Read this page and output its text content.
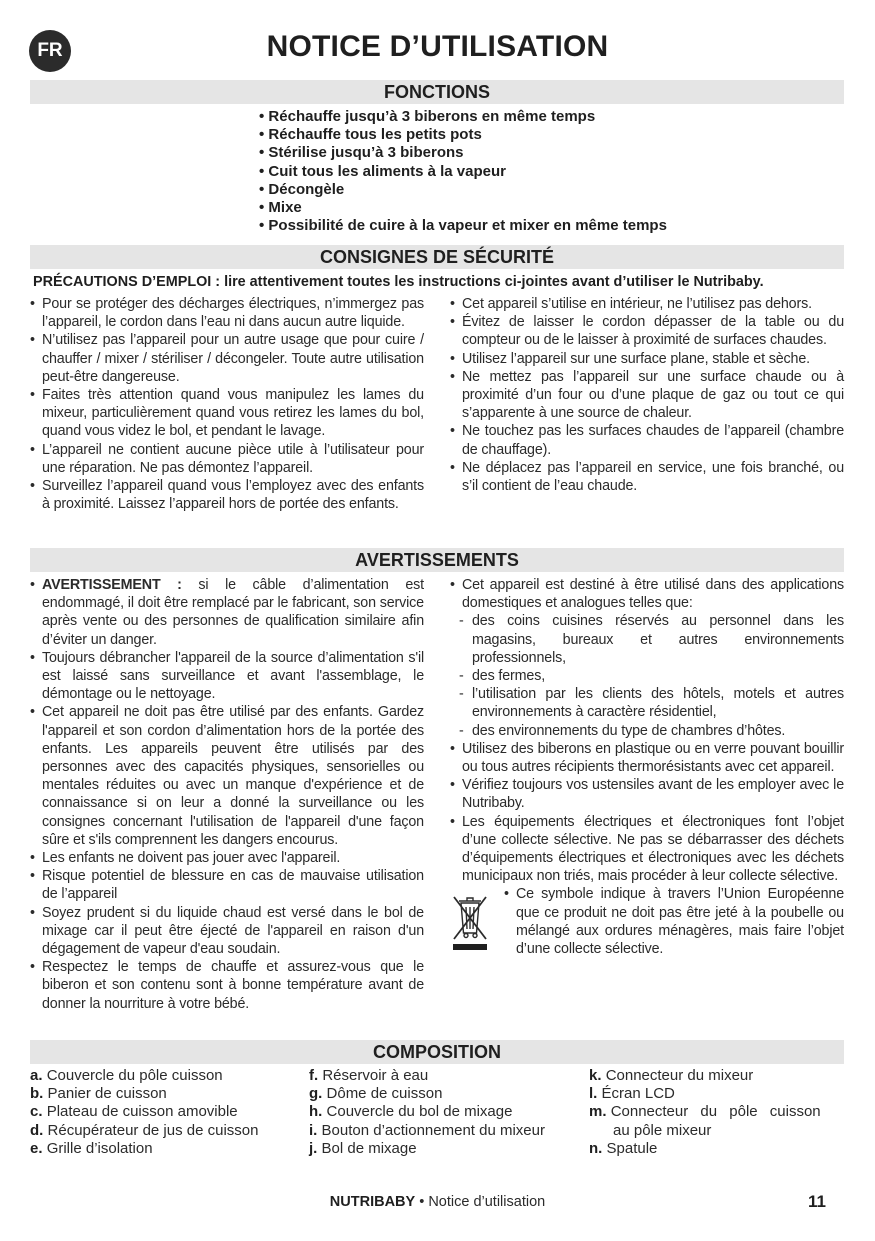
FR	NOTICE D’UTILISATION
FONCTIONS
• Réchauffe jusqu’à 3 biberons en même temps
• Réchauffe tous les petits pots
• Stérilise jusqu’à 3 biberons
• Cuit tous les aliments à la vapeur
• Décongèle
• Mixe
• Possibilité de cuire à la vapeur et mixer en même temps
CONSIGNES DE SÉCURITÉ
PRÉCAUTIONS D’EMPLOI : lire attentivement toutes les instructions ci-jointes avant d’utiliser le Nutribaby.
• Pour se protéger des décharges électriques, n’immergez pas l’appareil, le cordon dans l’eau ni dans aucun autre liquide.
• N’utilisez pas l’appareil pour un autre usage que pour cuire / chauffer / mixer / stériliser / décongeler. Toute autre utilisation peut-être dangereuse.
• Faites très attention quand vous manipulez les lames du mixeur, particulièrement quand vous retirez les lames du bol, quand vous videz le bol, et pendant le lavage.
• L’appareil ne contient aucune pièce utile à l’utilisateur pour une réparation. Ne pas démontez l’appareil.
• Surveillez l’appareil quand vous l’employez avec des enfants à proximité. Laissez l’appareil hors de portée des enfants.
• Cet appareil s’utilise en intérieur, ne l’utilisez pas dehors.
• Évitez de laisser le cordon dépasser de la table ou du compteur ou de le laisser à proximité de surfaces chaudes.
• Utilisez l’appareil sur une surface plane, stable et sèche.
• Ne mettez pas l’appareil sur une surface chaude ou à proximité d’un four ou d’une plaque de gaz ou tout ce qui s’apparente à une source de chaleur.
• Ne touchez pas les surfaces chaudes de l’appareil (chambre de chauffage).
• Ne déplacez pas l’appareil en service, une fois branché, ou s’il contient de l’eau chaude.
AVERTISSEMENTS
• AVERTISSEMENT : si le câble d’alimentation est endommagé, il doit être remplacé par le fabricant, son service après vente ou des personnes de qualification similaire afin d’éviter un danger.
• Toujours débrancher l'appareil de la source d’alimentation s'il est laissé sans surveillance et avant l'assemblage, le démontage ou le nettoyage.
• Cet appareil ne doit pas être utilisé par des enfants. Gardez l'appareil et son cordon d’alimentation hors de la portée des enfants. Les appareils peuvent être utilisés par des personnes avec des capacités physiques, sensorielles ou mentales réduites ou avec un manque d'expérience et de connaissance si on leur a donné la surveillance ou les consignes concernant l'utilisation de l'appareil d'une façon sûre et s'ils comprennent les dangers encourus.
• Les enfants ne doivent pas jouer avec l'appareil.
• Risque potentiel de blessure en cas de mauvaise utilisation de l’appareil
• Soyez prudent si du liquide chaud est versé dans le bol de mixage car il peut être éjecté de l'appareil en raison d'un dégagement de vapeur d'eau soudain.
• Respectez le temps de chauffe et assurez-vous que le biberon et son contenu sont à bonne température avant de donner la nourriture à votre bébé.
• Cet appareil est destiné à être utilisé dans des applications domestiques et analogues telles que:
- des coins cuisines réservés au personnel dans les magasins, bureaux et autres environnements professionnels,
- des fermes,
- l’utilisation par les clients des hôtels, motels et autres environnements à caractère résidentiel,
- des environnements du type de chambres d’hôtes.
• Utilisez des biberons en plastique ou en verre pouvant bouillir ou tous autres récipients thermorésistants avec cet appareil.
• Vérifiez toujours vos ustensiles avant de les employer avec le Nutribaby.
• Les équipements électriques et électroniques font l’objet d’une collecte sélective. Ne pas se débarrasser des déchets d’équipements électriques et électroniques avec les déchets municipaux non triés, mais procéder à leur collecte sélective.
• Ce symbole indique à travers l’Union Européenne que ce produit ne doit pas être jeté à la poubelle ou mélangé aux ordures ménagères, mais faire l’objet d’une collecte sélective.
COMPOSITION
a. Couvercle du pôle cuisson
b. Panier de cuisson
c. Plateau de cuisson amovible
d. Récupérateur de jus de cuisson
e. Grille d’isolation
f. Réservoir à eau
g. Dôme de cuisson
h. Couvercle du bol de mixage
i. Bouton d’actionnement du mixeur
j. Bol de mixage
k. Connecteur du mixeur
l. Écran LCD
m. Connecteur du pôle cuisson
au pôle mixeur
n. Spatule
NUTRIBABY • Notice d’utilisation	11
